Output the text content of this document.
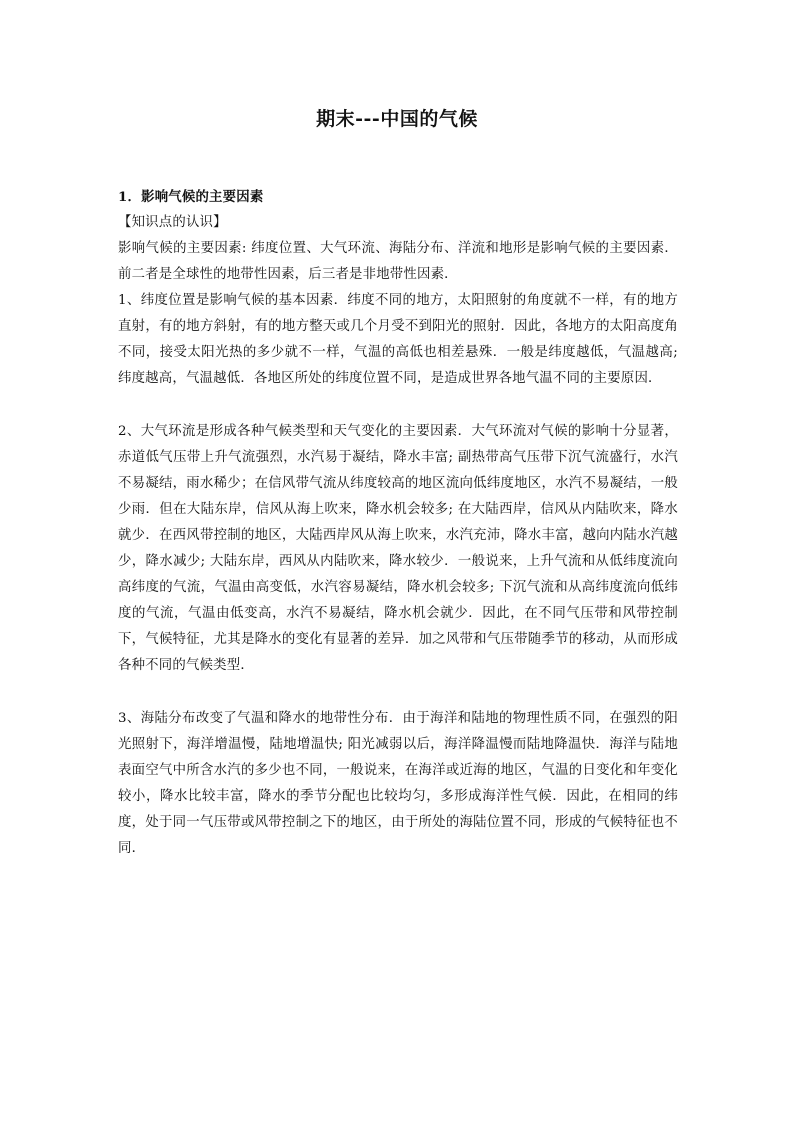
期末---中国的气候

1．影响气候的主要因素

【知识点的认识】

影响气候的主要因素: 纬度位置、大气环流、海陆分布、洋流和地形是影响气候的主要因素．前二者是全球性的地带性因素，后三者是非地带性因素．

1、纬度位置是影响气候的基本因素．纬度不同的地方，太阳照射的角度就不一样，有的地方直射，有的地方斜射，有的地方整天或几个月受不到阳光的照射．因此，各地方的太阳高度角不同，接受太阳光热的多少就不一样，气温的高低也相差悬殊．一般是纬度越低，气温越高; 纬度越高，气温越低．各地区所处的纬度位置不同，是造成世界各地气温不同的主要原因．

2、大气环流是形成各种气候类型和天气变化的主要因素．大气环流对气候的影响十分显著，赤道低气压带上升气流强烈，水汽易于凝结，降水丰富; 副热带高气压带下沉气流盛行，水汽不易凝结，雨水稀少；在信风带气流从纬度较高的地区流向低纬度地区，水汽不易凝结，一般少雨．但在大陆东岸，信风从海上吹来，降水机会较多; 在大陆西岸，信风从内陆吹来，降水就少．在西风带控制的地区，大陆西岸风从海上吹来，水汽充沛，降水丰富，越向内陆水汽越少，降水减少; 大陆东岸，西风从内陆吹来，降水较少．一般说来，上升气流和从低纬度流向高纬度的气流，气温由高变低，水汽容易凝结，降水机会较多; 下沉气流和从高纬度流向低纬度的气流，气温由低变高，水汽不易凝结，降水机会就少．因此，在不同气压带和风带控制下，气候特征，尤其是降水的变化有显著的差异．加之风带和气压带随季节的移动，从而形成各种不同的气候类型．

3、海陆分布改变了气温和降水的地带性分布．由于海洋和陆地的物理性质不同，在强烈的阳光照射下，海洋增温慢，陆地增温快; 阳光减弱以后，海洋降温慢而陆地降温快．海洋与陆地表面空气中所含水汽的多少也不同，一般说来，在海洋或近海的地区，气温的日变化和年变化较小，降水比较丰富，降水的季节分配也比较均匀，多形成海洋性气候．因此，在相同的纬度，处于同一气压带或风带控制之下的地区，由于所处的海陆位置不同，形成的气候特征也不同．
